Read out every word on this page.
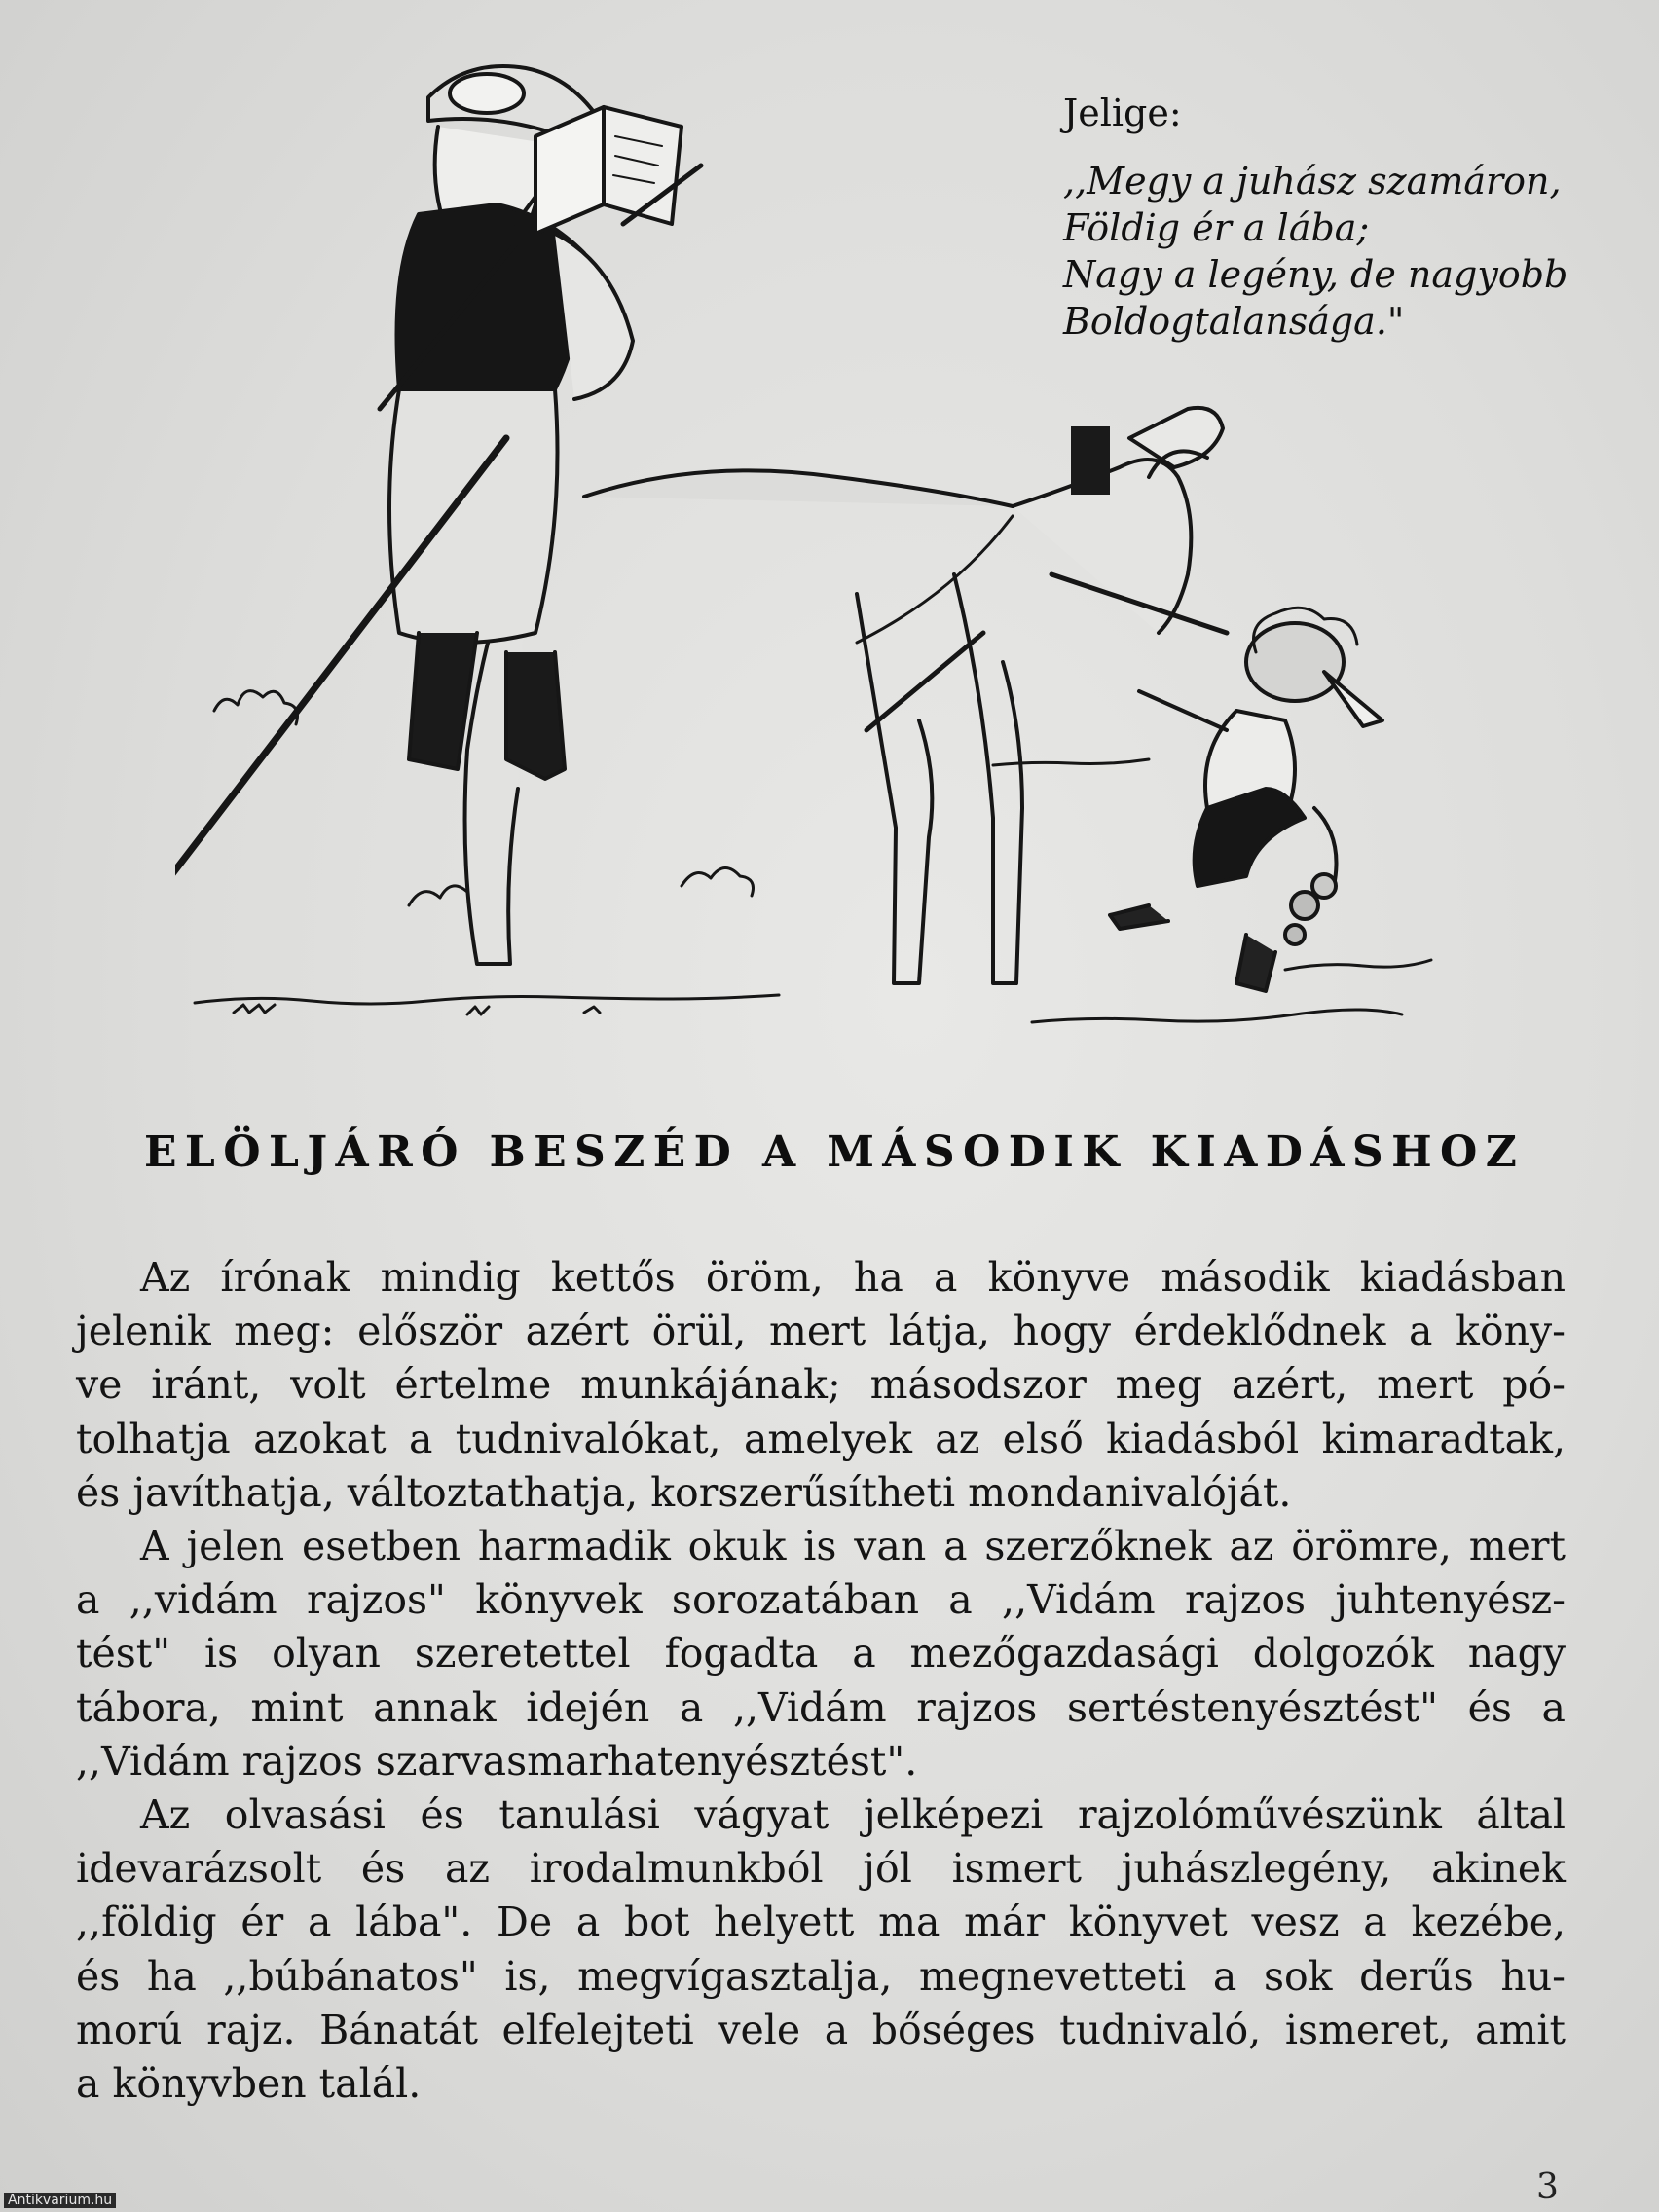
Jelige:

,,Megy a juhász szamáron,

Földig ér a lába;

Nagy a legény, de nagyobb

Boldogtalansága."

ELÖLJÁRÓ BESZÉD A MÁSODIK KIADÁSHOZ

Az írónak mindig kettős öröm, ha a könyve második kiadásban
jelenik meg: először azért örül, mert látja, hogy érdeklődnek a köny-
ve iránt, volt értelme munkájának; másodszor meg azért, mert pó-
tolhatja azokat a tudnivalókat, amelyek az első kiadásból kimaradtak,
és javíthatja, változtathatja, korszerűsítheti mondanivalóját.

A jelen esetben harmadik okuk is van a szerzőknek az örömre, mert
a ,,vidám rajzos" könyvek sorozatában a ,,Vidám rajzos juhtenyész-
tést" is olyan szeretettel fogadta a mezőgazdasági dolgozók nagy
tábora, mint annak idején a ,,Vidám rajzos sertéstenyésztést" és a
,,Vidám rajzos szarvasmarhatenyésztést".

Az olvasási és tanulási vágyat jelképezi rajzolóművészünk által
idevarázsolt és az irodalmunkból jól ismert juhászlegény, akinek
,,földig ér a lába". De a bot helyett ma már könyvet vesz a kezébe,
és ha ,,búbánatos" is, megvígasztalja, megnevetteti a sok derűs hu-
morú rajz. Bánatát elfelejteti vele a bőséges tudnivaló, ismeret, amit
a könyvben talál.

3
Antikvarium.hu
